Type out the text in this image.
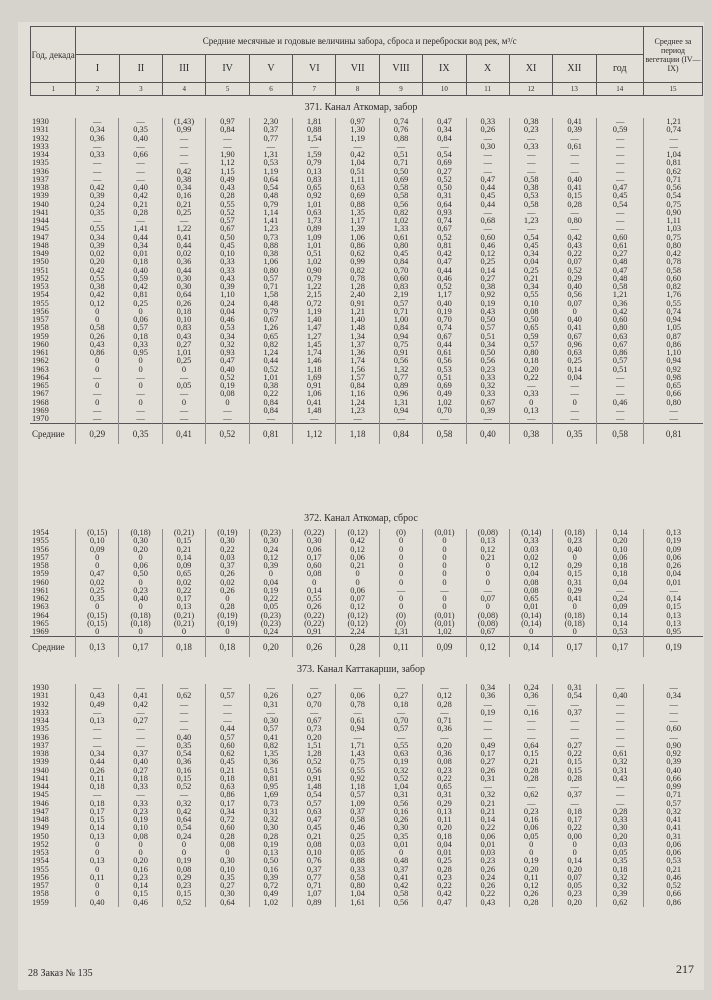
Год, декада	Средние месячные и годовые величины забора, сброса и переброски вод рек, м³/с													Среднее за период вегетации (IV—IX)
	I	II	III	IV	V	VI	VII	VIII	IX	X	XI	XII	год	
1	2	3	4	5	6	7	8	9	10	11	12	13	14	15
371. Канал Аткомар, забор
1930	—	—	(1,43)	0,97	2,30	1,81	0,97	0,74	0,47	0,33	0,38	0,41	—	1,21
1931	0,34	0,35	0,99	0,84	0,37	0,88	1,30	0,76	0,34	0,26	0,23	0,39	0,59	0,74
1932	0,36	0,40	—	—	0,77	1,54	1,19	0,88	0,84	—	—	—	—	—
1933	—	—	—	—	—	—	—	—	—	0,30	0,33	0,61	—	—
1934	0,33	0,66	—	1,90	1,31	1,59	0,42	0,51	0,54	—	—	—	—	1,04
1935	—	—	—	1,12	0,53	0,79	1,04	0,71	0,69	—	—	—	—	0,81
1936	—	—	0,42	1,15	1,19	0,13	0,51	0,50	0,27	—	—	—	—	0,62
1937	—	—	0,38	0,49	0,64	0,83	1,11	0,69	0,52	0,47	0,58	0,40	—	0,71
1938	0,42	0,40	0,34	0,43	0,54	0,65	0,63	0,58	0,50	0,44	0,38	0,41	0,47	0,56
1939	0,39	0,42	0,16	0,28	0,48	0,92	0,69	0,58	0,31	0,45	0,53	0,15	0,45	0,54
1940	0,24	0,21	0,21	0,55	0,79	1,01	0,88	0,56	0,64	0,44	0,58	0,28	0,54	0,75
1941	0,35	0,28	0,25	0,52	1,14	0,63	1,35	0,82	0,93	—	—	—	—	0,90
1944	—	—	—	0,57	1,41	1,73	1,17	1,02	0,74	0,68	1,23	0,80	—	1,11
1945	0,55	1,41	1,22	0,67	1,23	0,89	1,39	1,33	0,67	—	—	—	—	1,03
1947	0,34	0,44	0,41	0,50	0,73	1,09	1,06	0,61	0,52	0,60	0,54	0,42	0,60	0,75
1948	0,39	0,34	0,44	0,45	0,88	1,01	0,86	0,80	0,81	0,46	0,45	0,43	0,61	0,80
1949	0,02	0,01	0,02	0,10	0,38	0,51	0,62	0,45	0,42	0,12	0,34	0,22	0,27	0,42
1950	0,20	0,18	0,36	0,33	1,06	1,02	0,99	0,84	0,47	0,25	0,04	0,07	0,48	0,78
1951	0,42	0,40	0,44	0,33	0,80	0,90	0,82	0,70	0,44	0,14	0,25	0,52	0,47	0,58
1952	0,55	0,59	0,30	0,43	0,57	0,79	0,78	0,60	0,46	0,27	0,21	0,29	0,48	0,60
1953	0,38	0,42	0,30	0,39	0,71	1,22	1,28	0,83	0,52	0,38	0,34	0,40	0,58	0,82
1954	0,42	0,81	0,64	1,10	1,58	2,15	2,40	2,19	1,17	0,92	0,55	0,56	1,21	1,76
1955	0,12	0,25	0,26	0,24	0,48	0,72	0,91	0,57	0,40	0,19	0,10	0,07	0,36	0,55
1956	0	0	0,18	0,04	0,79	1,19	1,21	0,71	0,19	0,43	0,08	0	0,42	0,74
1957	0	0,06	0,10	0,46	0,67	1,40	1,40	1,00	0,70	0,50	0,50	0,40	0,60	0,94
1958	0,58	0,57	0,83	0,53	1,26	1,47	1,48	0,84	0,74	0,57	0,65	0,41	0,80	1,05
1959	0,26	0,18	0,43	0,34	0,65	1,27	1,34	0,94	0,67	0,51	0,59	0,67	0,63	0,87
1960	0,43	0,33	0,27	0,32	0,82	1,45	1,37	0,75	0,44	0,34	0,57	0,96	0,67	0,86
1961	0,86	0,95	1,01	0,93	1,24	1,74	1,36	0,91	0,61	0,50	0,80	0,63	0,86	1,10
1962	0	0	0,25	0,47	0,44	1,46	1,74	0,56	0,56	0,56	0,18	0,25	0,57	0,94
1963	0	0	0	0,40	0,52	1,18	1,56	1,32	0,53	0,23	0,20	0,14	0,51	0,92
1964	—	—	—	0,52	1,01	1,69	1,57	0,77	0,51	0,33	0,22	0,04	—	0,98
1965	0	0	0,05	0,19	0,38	0,91	0,84	0,89	0,69	0,32	—	—	—	0,65
1967	—	—	—	0,08	0,22	1,06	1,16	0,96	0,49	0,33	0,33	—	—	0,66
1968	0	0	0	0	0,84	0,41	1,24	1,31	1,02	0,67	0	0	0,46	0,80
1969	—	—	—	—	0,84	1,48	1,23	0,94	0,70	0,39	0,13	—	—	—
1970	—	—	—	—	—	—	—	—	—	—	—	—	—	—
Средние	0,29	0,35	0,41	0,52	0,81	1,12	1,18	0,84	0,58	0,40	0,38	0,35	0,58	0,81
372. Канал Аткомар, сброс
1954	(0,15)	(0,18)	(0,21)	(0,19)	(0,23)	(0,22)	(0,12)	(0)	(0,01)	(0,08)	(0,14)	(0,18)	0,14	0,13
1955	0,10	0,30	0,15	0,30	0,30	0,30	0,42	0	0	0,13	0,33	0,23	0,20	0,19
1956	0,09	0,20	0,21	0,22	0,24	0,06	0,12	0	0	0,12	0,03	0,40	0,10	0,09
1957	0	0	0,14	0,03	0,12	0,17	0,06	0	0	0,21	0,02	0	0,06	0,06
1958	0	0,06	0,09	0,37	0,39	0,60	0,21	0	0	0	0,12	0,29	0,18	0,26
1959	0,47	0,50	0,65	0,26	0	0,08	0	0	0	0	0,04	0,15	0,18	0,04
1960	0,02	0	0,02	0,02	0,04	0	0	0	0	0	0,08	0,31	0,04	0,01
1961	0,25	0,23	0,22	0,26	0,19	0,14	0,06	—	—	—	0,08	0,29	—	—
1962	0,35	0,40	0,17	0	0,22	0,55	0,07	0	0	0,07	0,65	0,41	0,24	0,14
1963	0	0	0,13	0,28	0,05	0,26	0,12	0	0	0	0,01	0	0,09	0,15
1964	(0,15)	(0,18)	(0,21)	(0,19)	(0,23)	(0,22)	(0,12)	(0)	(0,01)	(0,08)	(0,14)	(0,18)	0,14	0,13
1965	(0,15)	(0,18)	(0,21)	(0,19)	(0,23)	(0,22)	(0,12)	(0)	(0,01)	(0,08)	(0,14)	(0,18)	0,14	0,13
1969	0	0	0	0	0,24	0,91	2,24	1,31	1,02	0,67	0	0	0,53	0,95
Средние	0,13	0,17	0,18	0,18	0,20	0,26	0,28	0,11	0,09	0,12	0,14	0,17	0,17	0,19
373. Канал Каттакарши, забор
1930	—	—	—	—	—	—	—	—	—	0,34	0,24	0,31	—	—
1931	0,43	0,41	0,62	0,57	0,26	0,27	0,06	0,27	0,12	0,36	0,36	0,54	0,40	0,34
1932	0,49	0,42	—	—	0,31	0,70	0,78	0,18	0,28	—	—	—	—	—
1933	—	—	—	—	—	—	—	—	—	0,19	0,16	0,37	—	—
1934	0,13	0,27	—	—	0,30	0,67	0,61	0,70	0,71	—	—	—	—	—
1935	—	—	—	0,44	0,57	0,73	0,94	0,57	0,36	—	—	—	—	0,60
1936	—	—	0,40	0,57	0,41	0,20	—	—	—	—	—	—	—	—
1937	—	—	0,35	0,60	0,82	1,51	1,71	0,55	0,20	0,49	0,64	0,27	—	0,90
1938	0,34	0,37	0,54	0,62	1,35	1,28	1,43	0,63	0,36	0,17	0,15	0,22	0,61	0,92
1939	0,44	0,40	0,36	0,45	0,36	0,52	0,75	0,19	0,08	0,27	0,21	0,15	0,32	0,39
1940	0,26	0,27	0,16	0,21	0,51	0,56	0,55	0,32	0,23	0,26	0,28	0,15	0,31	0,40
1941	0,11	0,18	0,15	0,18	0,81	0,91	0,92	0,52	0,22	0,31	0,28	0,28	0,43	0,66
1944	0,18	0,33	0,52	0,63	0,95	1,48	1,18	1,04	0,65	—	—	—	—	0,99
1945	—	—	—	0,86	1,69	0,54	0,57	0,31	0,31	0,32	0,62	0,37	—	0,71
1946	0,18	0,33	0,32	0,17	0,73	0,57	1,09	0,56	0,29	0,21	—	—	—	0,57
1947	0,17	0,23	0,42	0,34	0,31	0,63	0,37	0,16	0,13	0,21	0,23	0,18	0,28	0,32
1948	0,15	0,19	0,64	0,72	0,32	0,47	0,58	0,26	0,11	0,14	0,16	0,17	0,33	0,41
1949	0,14	0,10	0,54	0,60	0,30	0,45	0,46	0,30	0,20	0,22	0,06	0,22	0,30	0,41
1950	0,13	0,08	0,24	0,28	0,28	0,21	0,25	0,35	0,18	0,06	0,05	0,00	0,20	0,31
1952	0	0	0	0,08	0,19	0,08	0,03	0,01	0,04	0,01	0	0	0,03	0,06
1953	0	0	0	0	0,13	0,10	0,05	0	0,01	0,03	0	0	0,05	0,06
1954	0,13	0,20	0,19	0,30	0,50	0,76	0,88	0,48	0,25	0,23	0,19	0,14	0,35	0,53
1955	0	0,16	0,08	0,10	0,16	0,37	0,33	0,37	0,28	0,26	0,20	0,20	0,18	0,21
1956	0,11	0,23	0,29	0,35	0,39	0,77	0,58	0,41	0,23	0,24	0,11	0,07	0,32	0,46
1957	0	0,14	0,23	0,27	0,72	0,71	0,80	0,42	0,22	0,26	0,12	0,05	0,32	0,52
1958	0	0,15	0,15	0,30	0,49	1,07	1,04	0,58	0,42	0,22	0,26	0,23	0,39	0,66
1959	0,40	0,46	0,52	0,64	1,02	0,89	1,61	0,56	0,47	0,43	0,28	0,20	0,62	0,86
28 Заказ № 135	217
